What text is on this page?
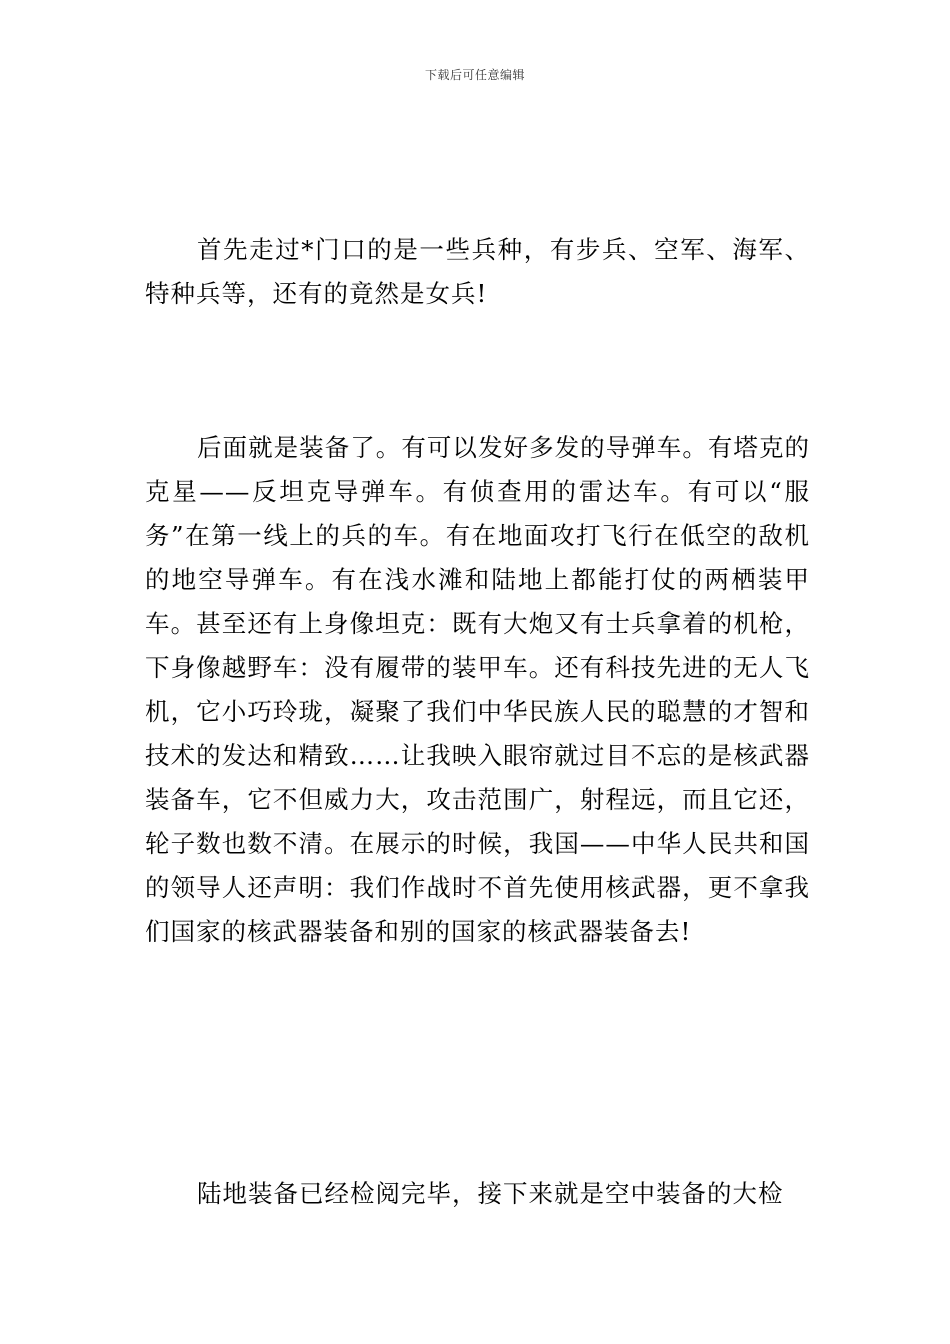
下载后可任意编辑

首先走过*门口的是一些兵种，有步兵、空军、海军、特种兵等，还有的竟然是女兵!

后面就是装备了。有可以发好多发的导弹车。有塔克的克星——反坦克导弹车。有侦查用的雷达车。有可以“服务”在第一线上的兵的车。有在地面攻打飞行在低空的敌机的地空导弹车。有在浅水滩和陆地上都能打仗的两栖装甲车。甚至还有上身像坦克：既有大炮又有士兵拿着的机枪，下身像越野车：没有履带的装甲车。还有科技先进的无人飞机，它小巧玲珑，凝聚了我们中华民族人民的聪慧的才智和技术的发达和精致……让我映入眼帘就过目不忘的是核武器装备车，它不但威力大，攻击范围广，射程远，而且它还，轮子数也数不清。在展示的时候，我国——中华人民共和国的领导人还声明：我们作战时不首先使用核武器，更不拿我们国家的核武器装备和别的国家的核武器装备去!

陆地装备已经检阅完毕，接下来就是空中装备的大检
